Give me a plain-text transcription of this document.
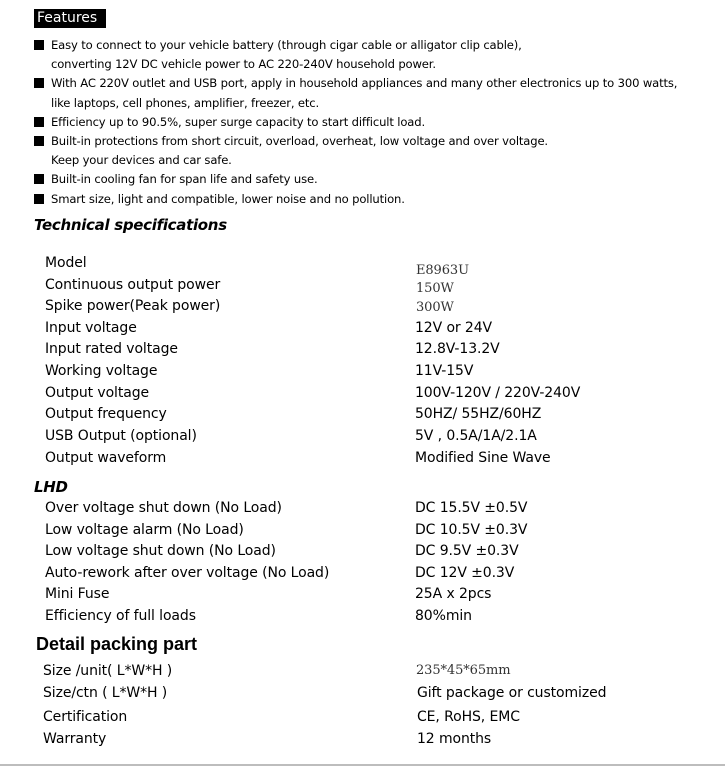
Features
Easy to connect to your vehicle battery (through cigar cable or alligator clip cable),
converting 12V DC vehicle power to AC 220-240V household power.
With AC 220V outlet and USB port, apply in household appliances and many other electronics up to 300 watts,
like laptops, cell phones, amplifier, freezer, etc.
Efficiency up to 90.5%, super surge capacity to start difficult load.
Built-in protections from short circuit, overload, overheat, low voltage and over voltage.
Keep your devices and car safe.
Built-in cooling fan for span life and safety use.
Smart size, light and compatible, lower noise and no pollution.
Technical specifications
Model	E8963U
Continuous output power	150W
Spike power(Peak power)	300W
Input voltage	12V or 24V
Input rated voltage	12.8V-13.2V
Working voltage	11V-15V
Output voltage	100V-120V / 220V-240V
Output frequency	50HZ/ 55HZ/60HZ
USB Output (optional)	5V , 0.5A/1A/2.1A
Output waveform	Modified Sine Wave
LHD
Over voltage shut down (No Load)	DC 15.5V ±0.5V
Low voltage alarm (No Load)	DC 10.5V ±0.3V
Low voltage shut down (No Load)	DC 9.5V ±0.3V
Auto-rework after over voltage (No Load)	DC 12V ±0.3V
Mini Fuse	25A x 2pcs
Efficiency of full loads	80%min
Detail packing part
Size /unit( L*W*H )	235*45*65mm
Size/ctn ( L*W*H )	Gift package or customized
Certification	CE, RoHS, EMC
Warranty	12 months
